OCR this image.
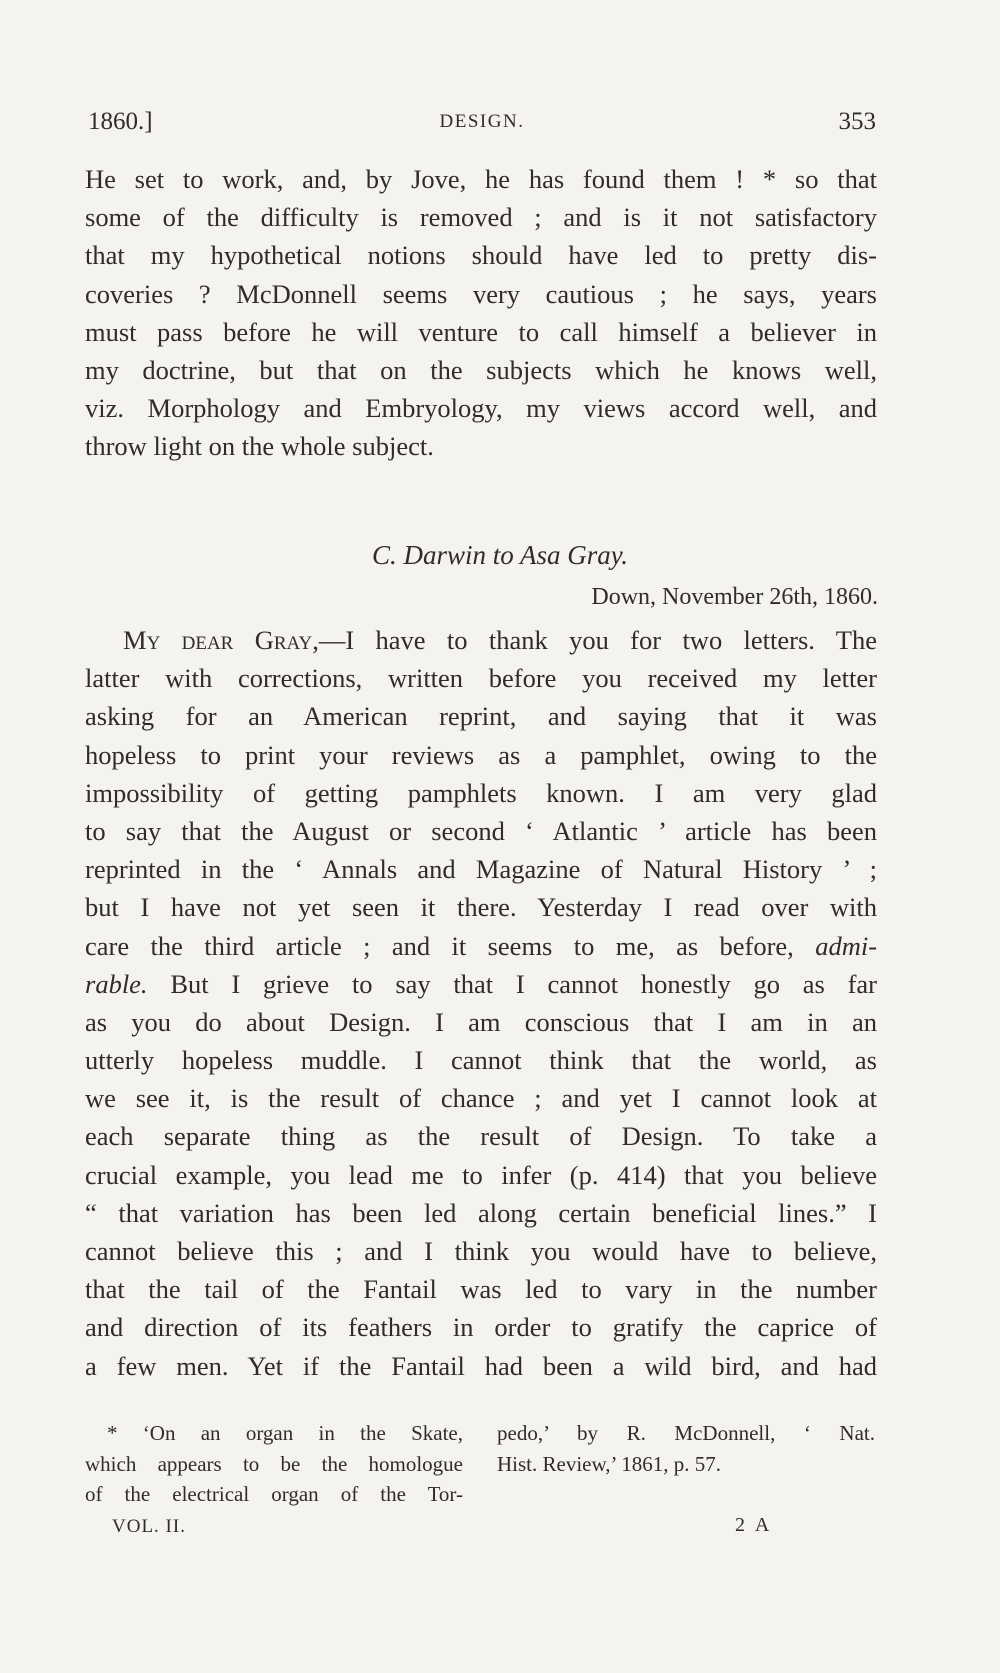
1860.]	DESIGN.	353
He set to work, and, by Jove, he has found them ! * so that
some of the difficulty is removed ; and is it not satisfactory
that my hypothetical notions should have led to pretty dis-
coveries ? McDonnell seems very cautious ; he says, years
must pass before he will venture to call himself a believer in
my doctrine, but that on the subjects which he knows well,
viz. Morphology and Embryology, my views accord well, and
throw light on the whole subject.
C. Darwin to Asa Gray.
Down, November 26th, 1860.
My dear Gray,—I have to thank you for two letters. The
latter with corrections, written before you received my letter
asking for an American reprint, and saying that it was
hopeless to print your reviews as a pamphlet, owing to the
impossibility of getting pamphlets known. I am very glad
to say that the August or second ‘ Atlantic ’ article has been
reprinted in the ‘ Annals and Magazine of Natural History ’ ;
but I have not yet seen it there. Yesterday I read over with
care the third article ; and it seems to me, as before, admi-
rable. But I grieve to say that I cannot honestly go as far
as you do about Design. I am conscious that I am in an
utterly hopeless muddle. I cannot think that the world, as
we see it, is the result of chance ; and yet I cannot look at
each separate thing as the result of Design. To take a
crucial example, you lead me to infer (p. 414) that you believe
“ that variation has been led along certain beneficial lines.” I
cannot believe this ; and I think you would have to believe,
that the tail of the Fantail was led to vary in the number
and direction of its feathers in order to gratify the caprice of
a few men. Yet if the Fantail had been a wild bird, and had
* ‘On an organ in the Skate,
which appears to be the homologue
of the electrical organ of the Tor-
pedo,’ by R. McDonnell, ‘ Nat.
Hist. Review,’ 1861, p. 57.
VOL. II.	2 A
